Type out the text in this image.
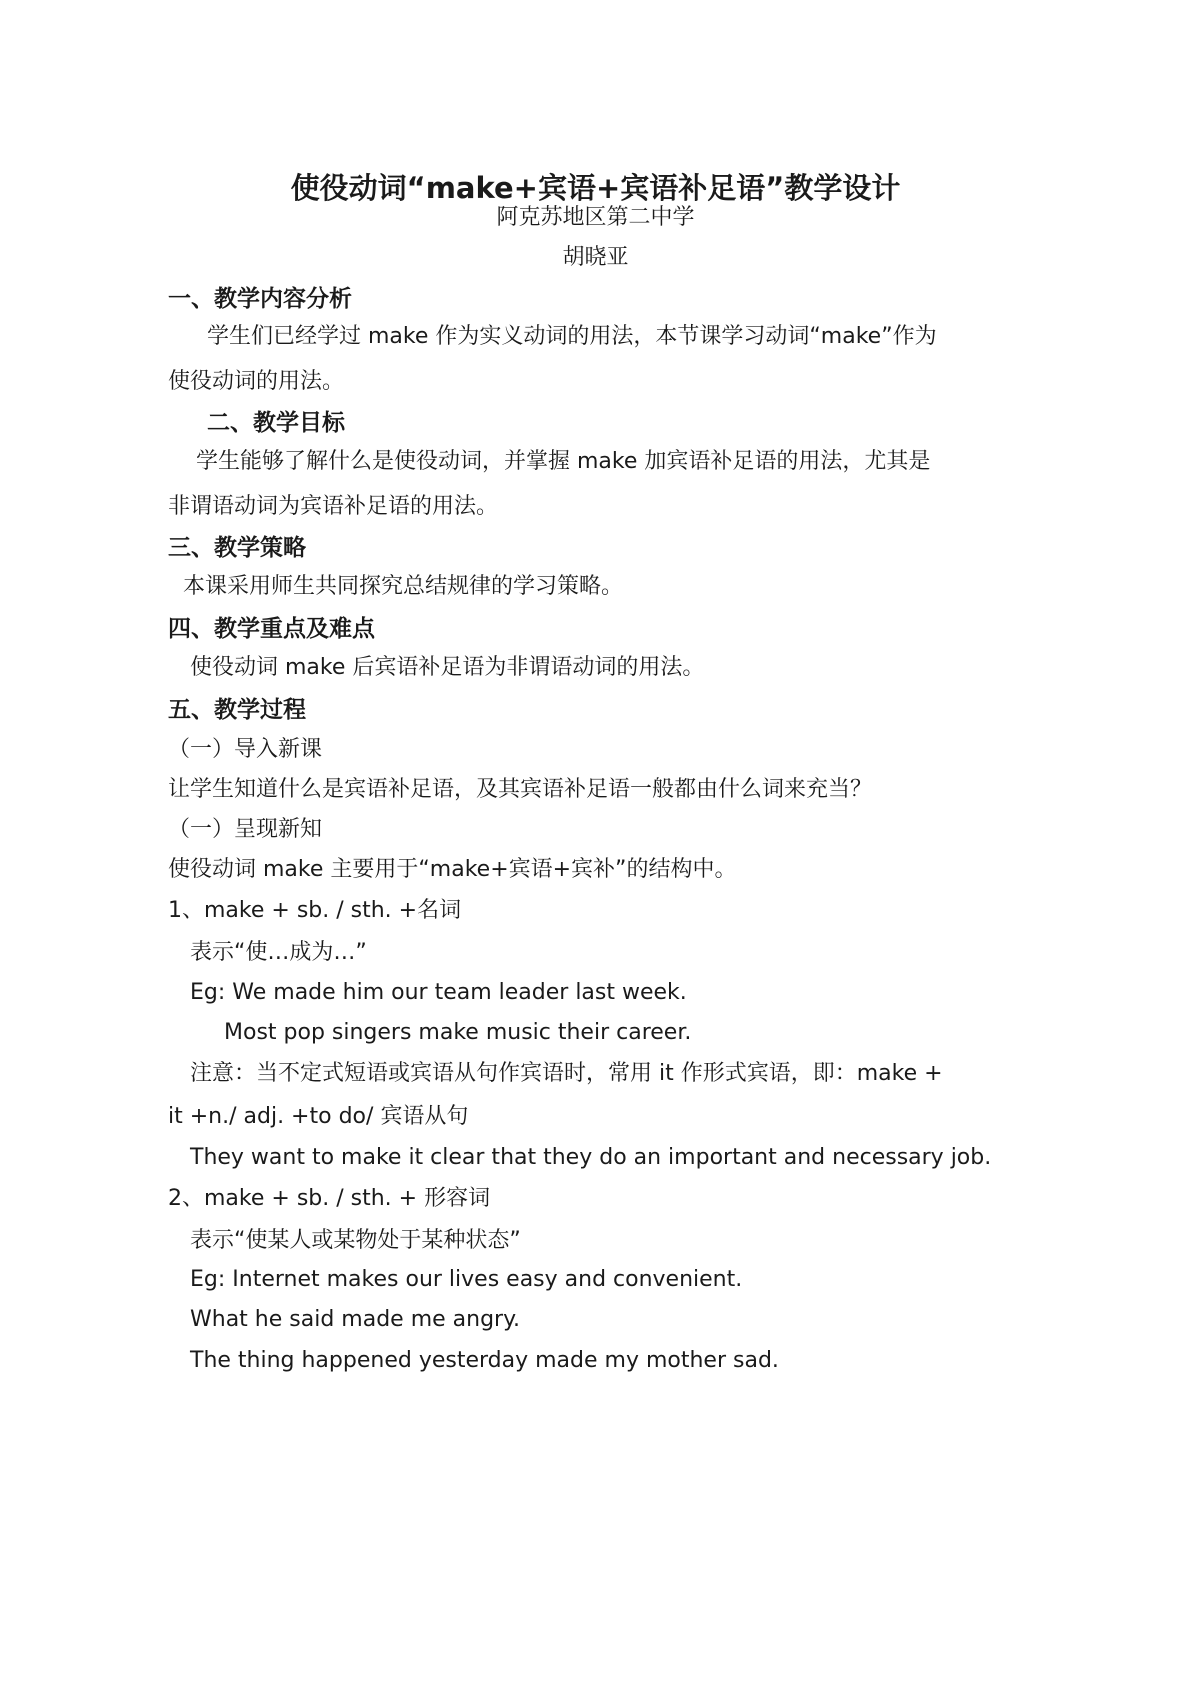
使役动词“make+宾语+宾语补足语”教学设计
阿克苏地区第二中学
胡晓亚
一、教学内容分析
学生们已经学过 make 作为实义动词的用法，本节课学习动词“make”作为
使役动词的用法。
二、教学目标
学生能够了解什么是使役动词，并掌握 make 加宾语补足语的用法，尤其是
非谓语动词为宾语补足语的用法。
三、教学策略
本课采用师生共同探究总结规律的学习策略。
四、教学重点及难点
使役动词 make 后宾语补足语为非谓语动词的用法。
五、教学过程
（一）导入新课
让学生知道什么是宾语补足语，及其宾语补足语一般都由什么词来充当？
（一）呈现新知
使役动词 make 主要用于“make+宾语+宾补”的结构中。
1、make + sb. / sth. +名词
表示“使…成为…”
Eg: We made him our team leader last week.
Most pop singers make music their career.
注意：当不定式短语或宾语从句作宾语时，常用 it 作形式宾语，即：make +
it +n./ adj. +to do/ 宾语从句
They want to make it clear that they do an important and necessary job.
2、make + sb. / sth. + 形容词
表示“使某人或某物处于某种状态”
Eg: Internet makes our lives easy and convenient.
What he said made me angry.
The thing happened yesterday made my mother sad.
